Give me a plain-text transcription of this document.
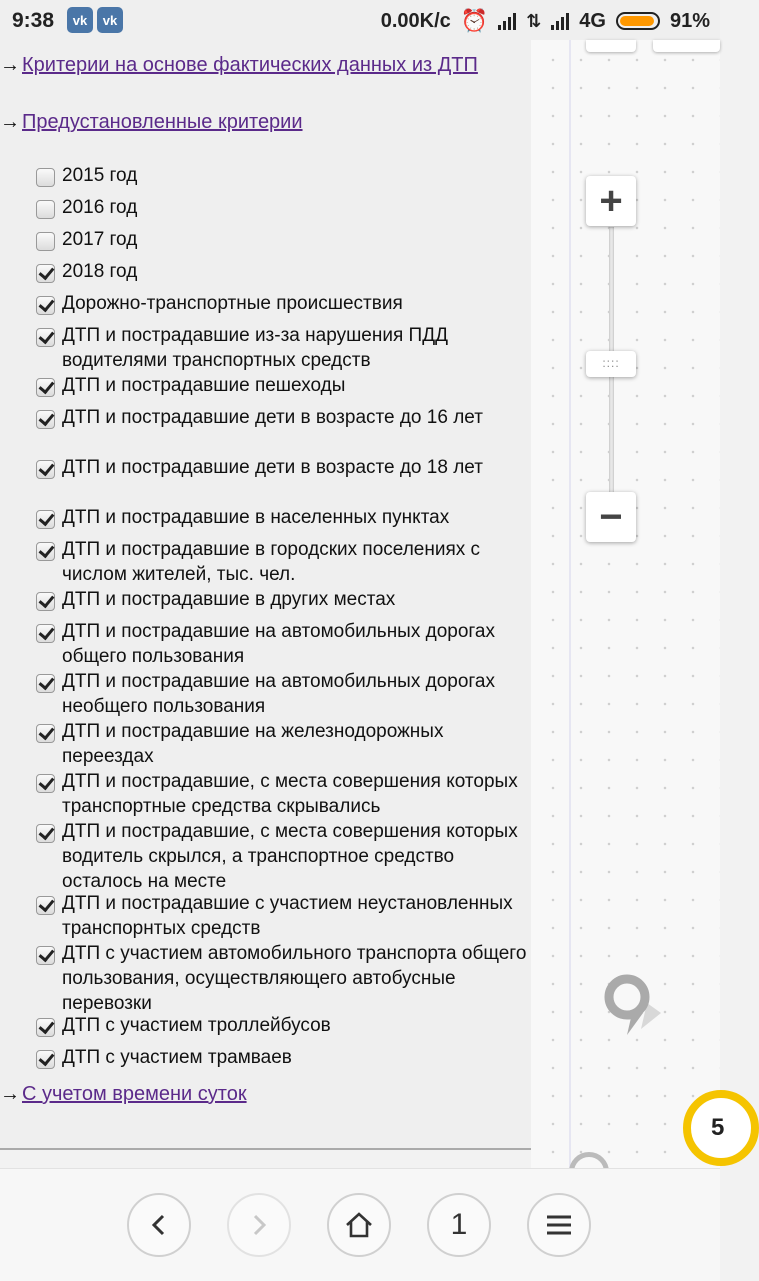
9:38	vk	vk	0.00K/с ⏰ ⇅ 4G	91%
→ Критерии на основе фактических данных из ДТП
→ Предустановленные критерии
2015 год
2016 год
2017 год
2018 год
Дорожно-транспортные происшествия
ДТП и пострадавшие из-за нарушения ПДД водителями транспортных средств
ДТП и пострадавшие пешеходы
ДТП и пострадавшие дети в возрасте до 16 лет
ДТП и пострадавшие дети в возрасте до 18 лет
ДТП и пострадавшие в населенных пунктах
ДТП и пострадавшие в городских поселениях с числом жителей, тыс. чел.
ДТП и пострадавшие в других местах
ДТП и пострадавшие на автомобильных дорогах общего пользования
ДТП и пострадавшие на автомобильных дорогах необщего пользования
ДТП и пострадавшие на железнодорожных переездах
ДТП и пострадавшие, с места совершения которых транспортные средства скрывались
ДТП и пострадавшие, с места совершения которых водитель скрылся, а транспортное средство осталось на месте
ДТП и пострадавшие с участием неустановленных транспорнтых средств
ДТП с участием автомобильного транспорта общего пользования, осуществляющего автобусные перевозки
ДТП с участием троллейбусов
ДТП с участием трамваев
→ С учетом времени суток
+
::::
−
5
1
